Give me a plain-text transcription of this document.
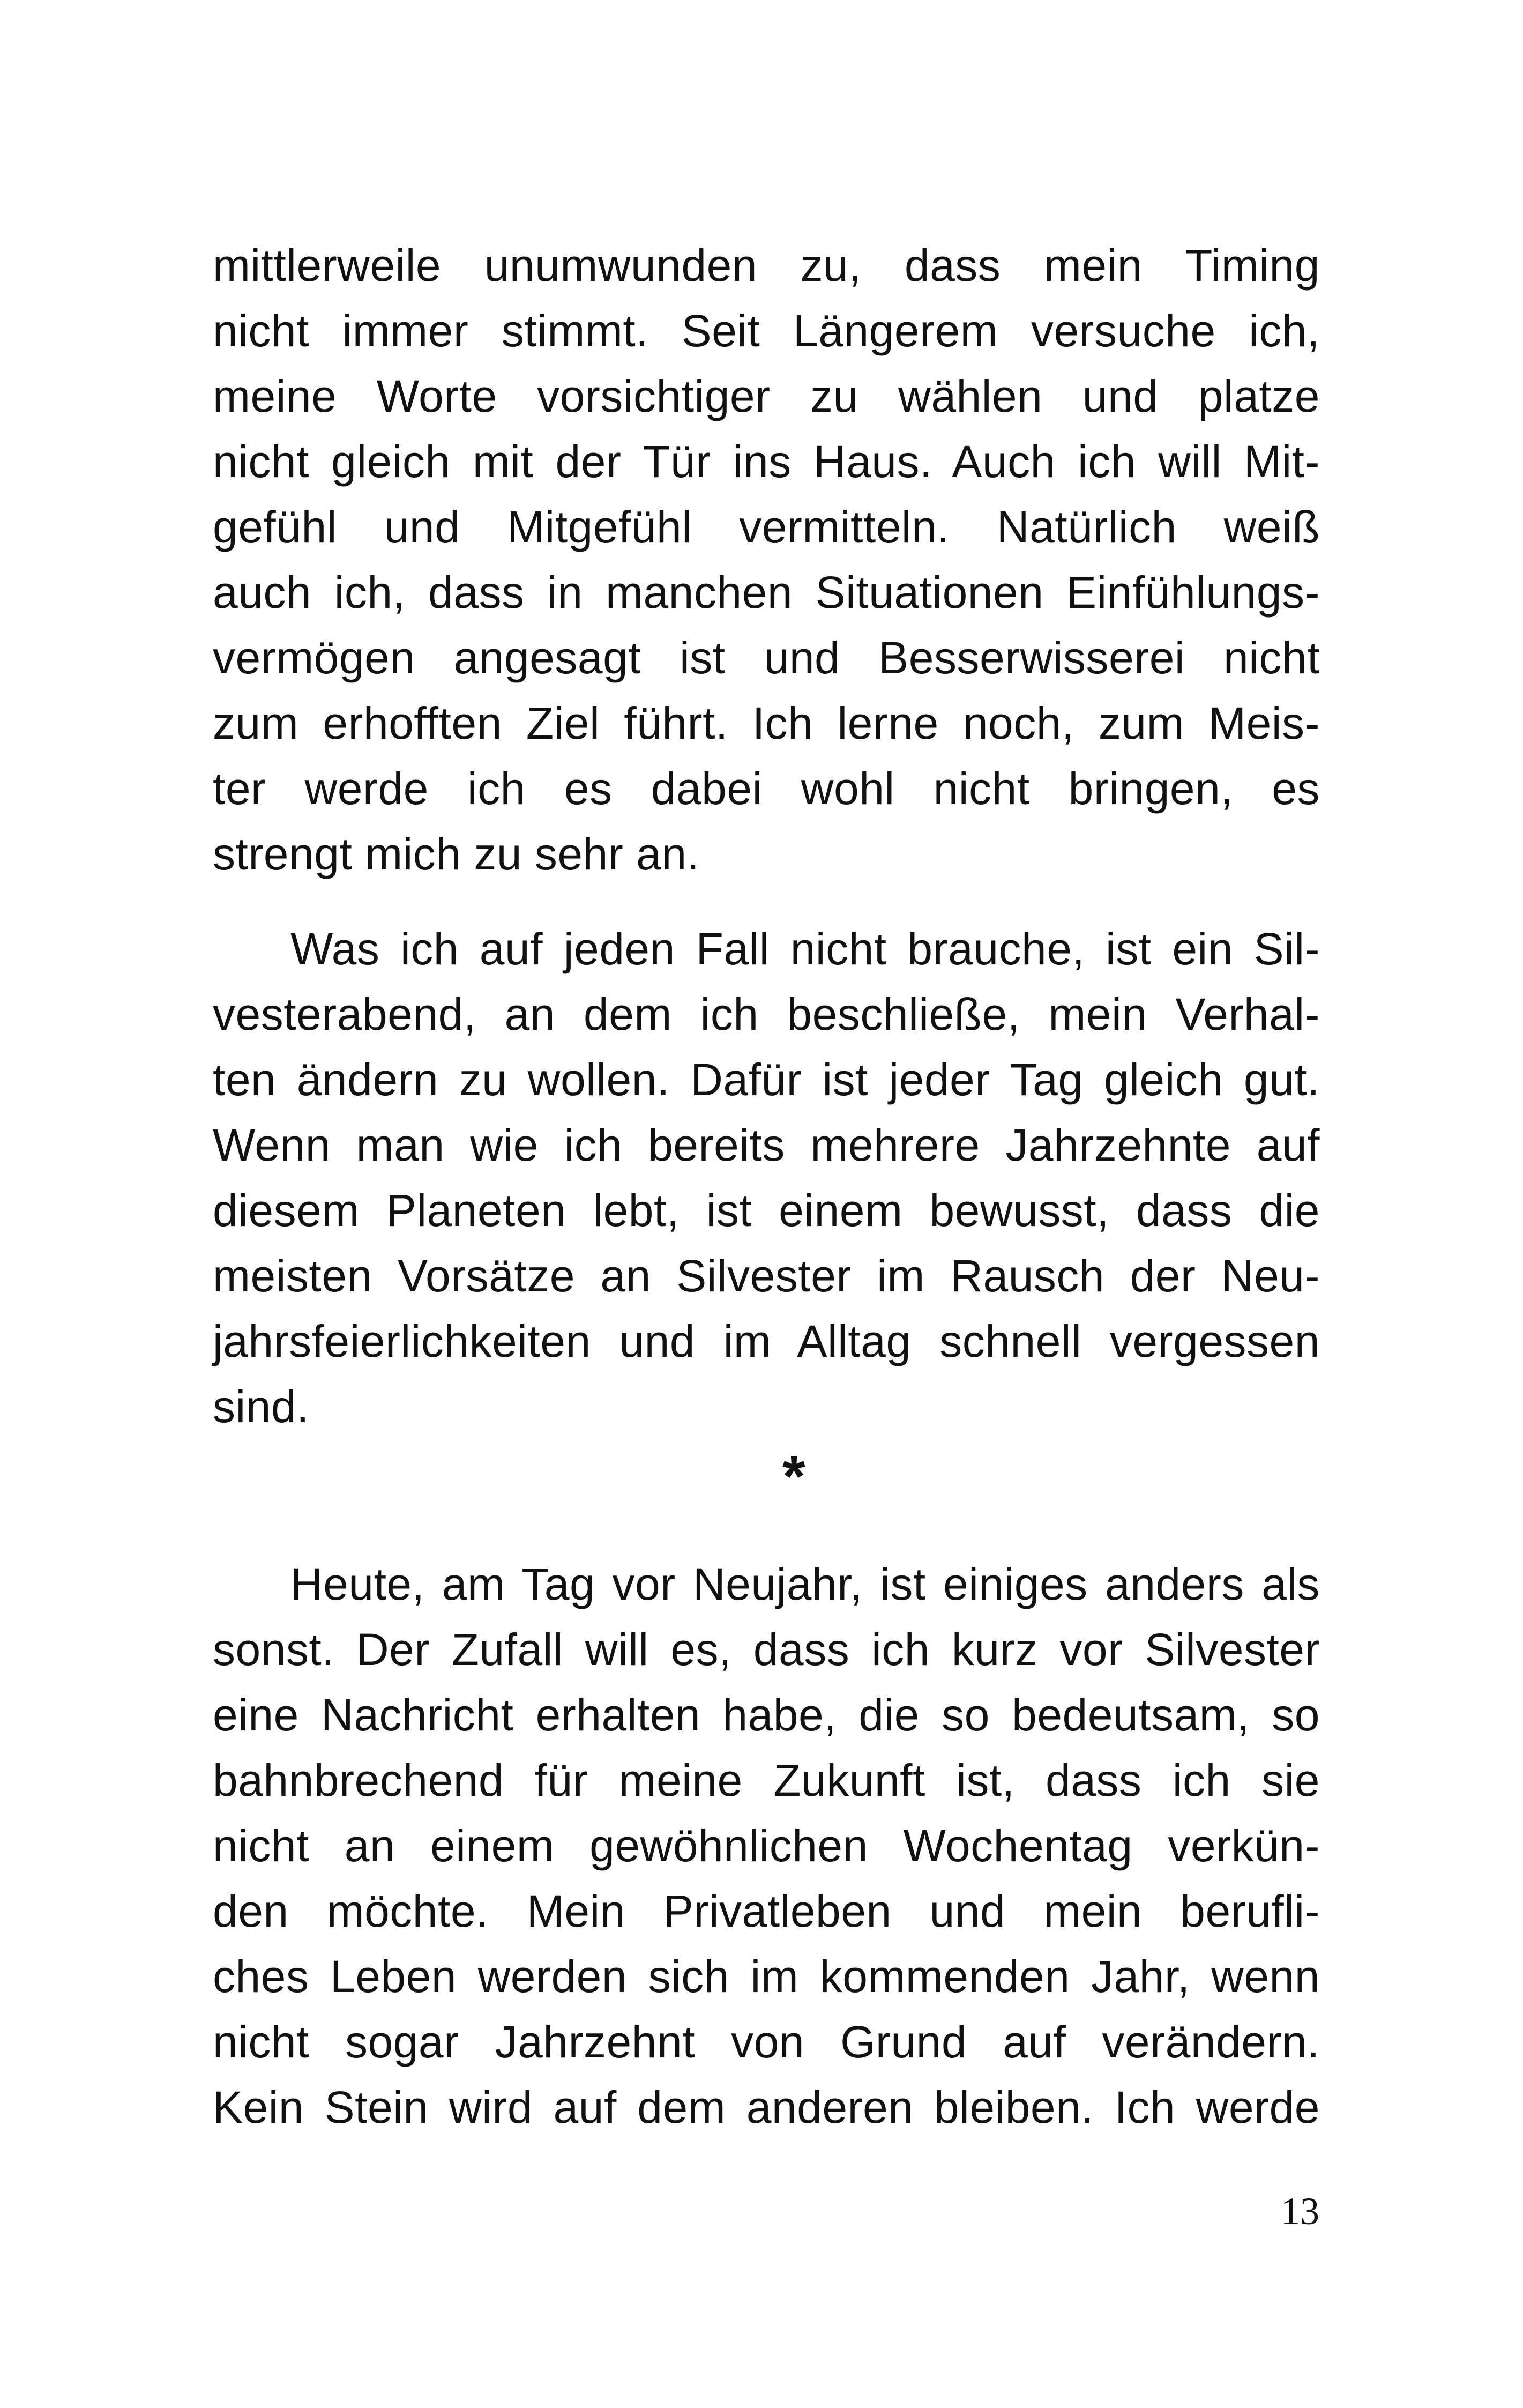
mittlerweile unumwunden zu, dass mein Timing
nicht immer stimmt. Seit Längerem versuche ich,
meine Worte vorsichtiger zu wählen und platze
nicht gleich mit der Tür ins Haus. Auch ich will Mit-
gefühl und Mitgefühl vermitteln. Natürlich weiß
auch ich, dass in manchen Situationen Einfühlungs-
vermögen angesagt ist und Besserwisserei nicht
zum erhofften Ziel führt. Ich lerne noch, zum Meis-
ter werde ich es dabei wohl nicht bringen, es
strengt mich zu sehr an.
Was ich auf jeden Fall nicht brauche, ist ein Sil-
vesterabend, an dem ich beschließe, mein Verhal-
ten ändern zu wollen. Dafür ist jeder Tag gleich gut.
Wenn man wie ich bereits mehrere Jahrzehnte auf
diesem Planeten lebt, ist einem bewusst, dass die
meisten Vorsätze an Silvester im Rausch der Neu-
jahrsfeierlichkeiten und im Alltag schnell vergessen
sind.
Heute, am Tag vor Neujahr, ist einiges anders als
sonst. Der Zufall will es, dass ich kurz vor Silvester
eine Nachricht erhalten habe, die so bedeutsam, so
bahnbrechend für meine Zukunft ist, dass ich sie
nicht an einem gewöhnlichen Wochentag verkün-
den möchte. Mein Privatleben und mein berufli-
ches Leben werden sich im kommenden Jahr, wenn
nicht sogar Jahrzehnt von Grund auf verändern.
Kein Stein wird auf dem anderen bleiben. Ich werde
*
13
